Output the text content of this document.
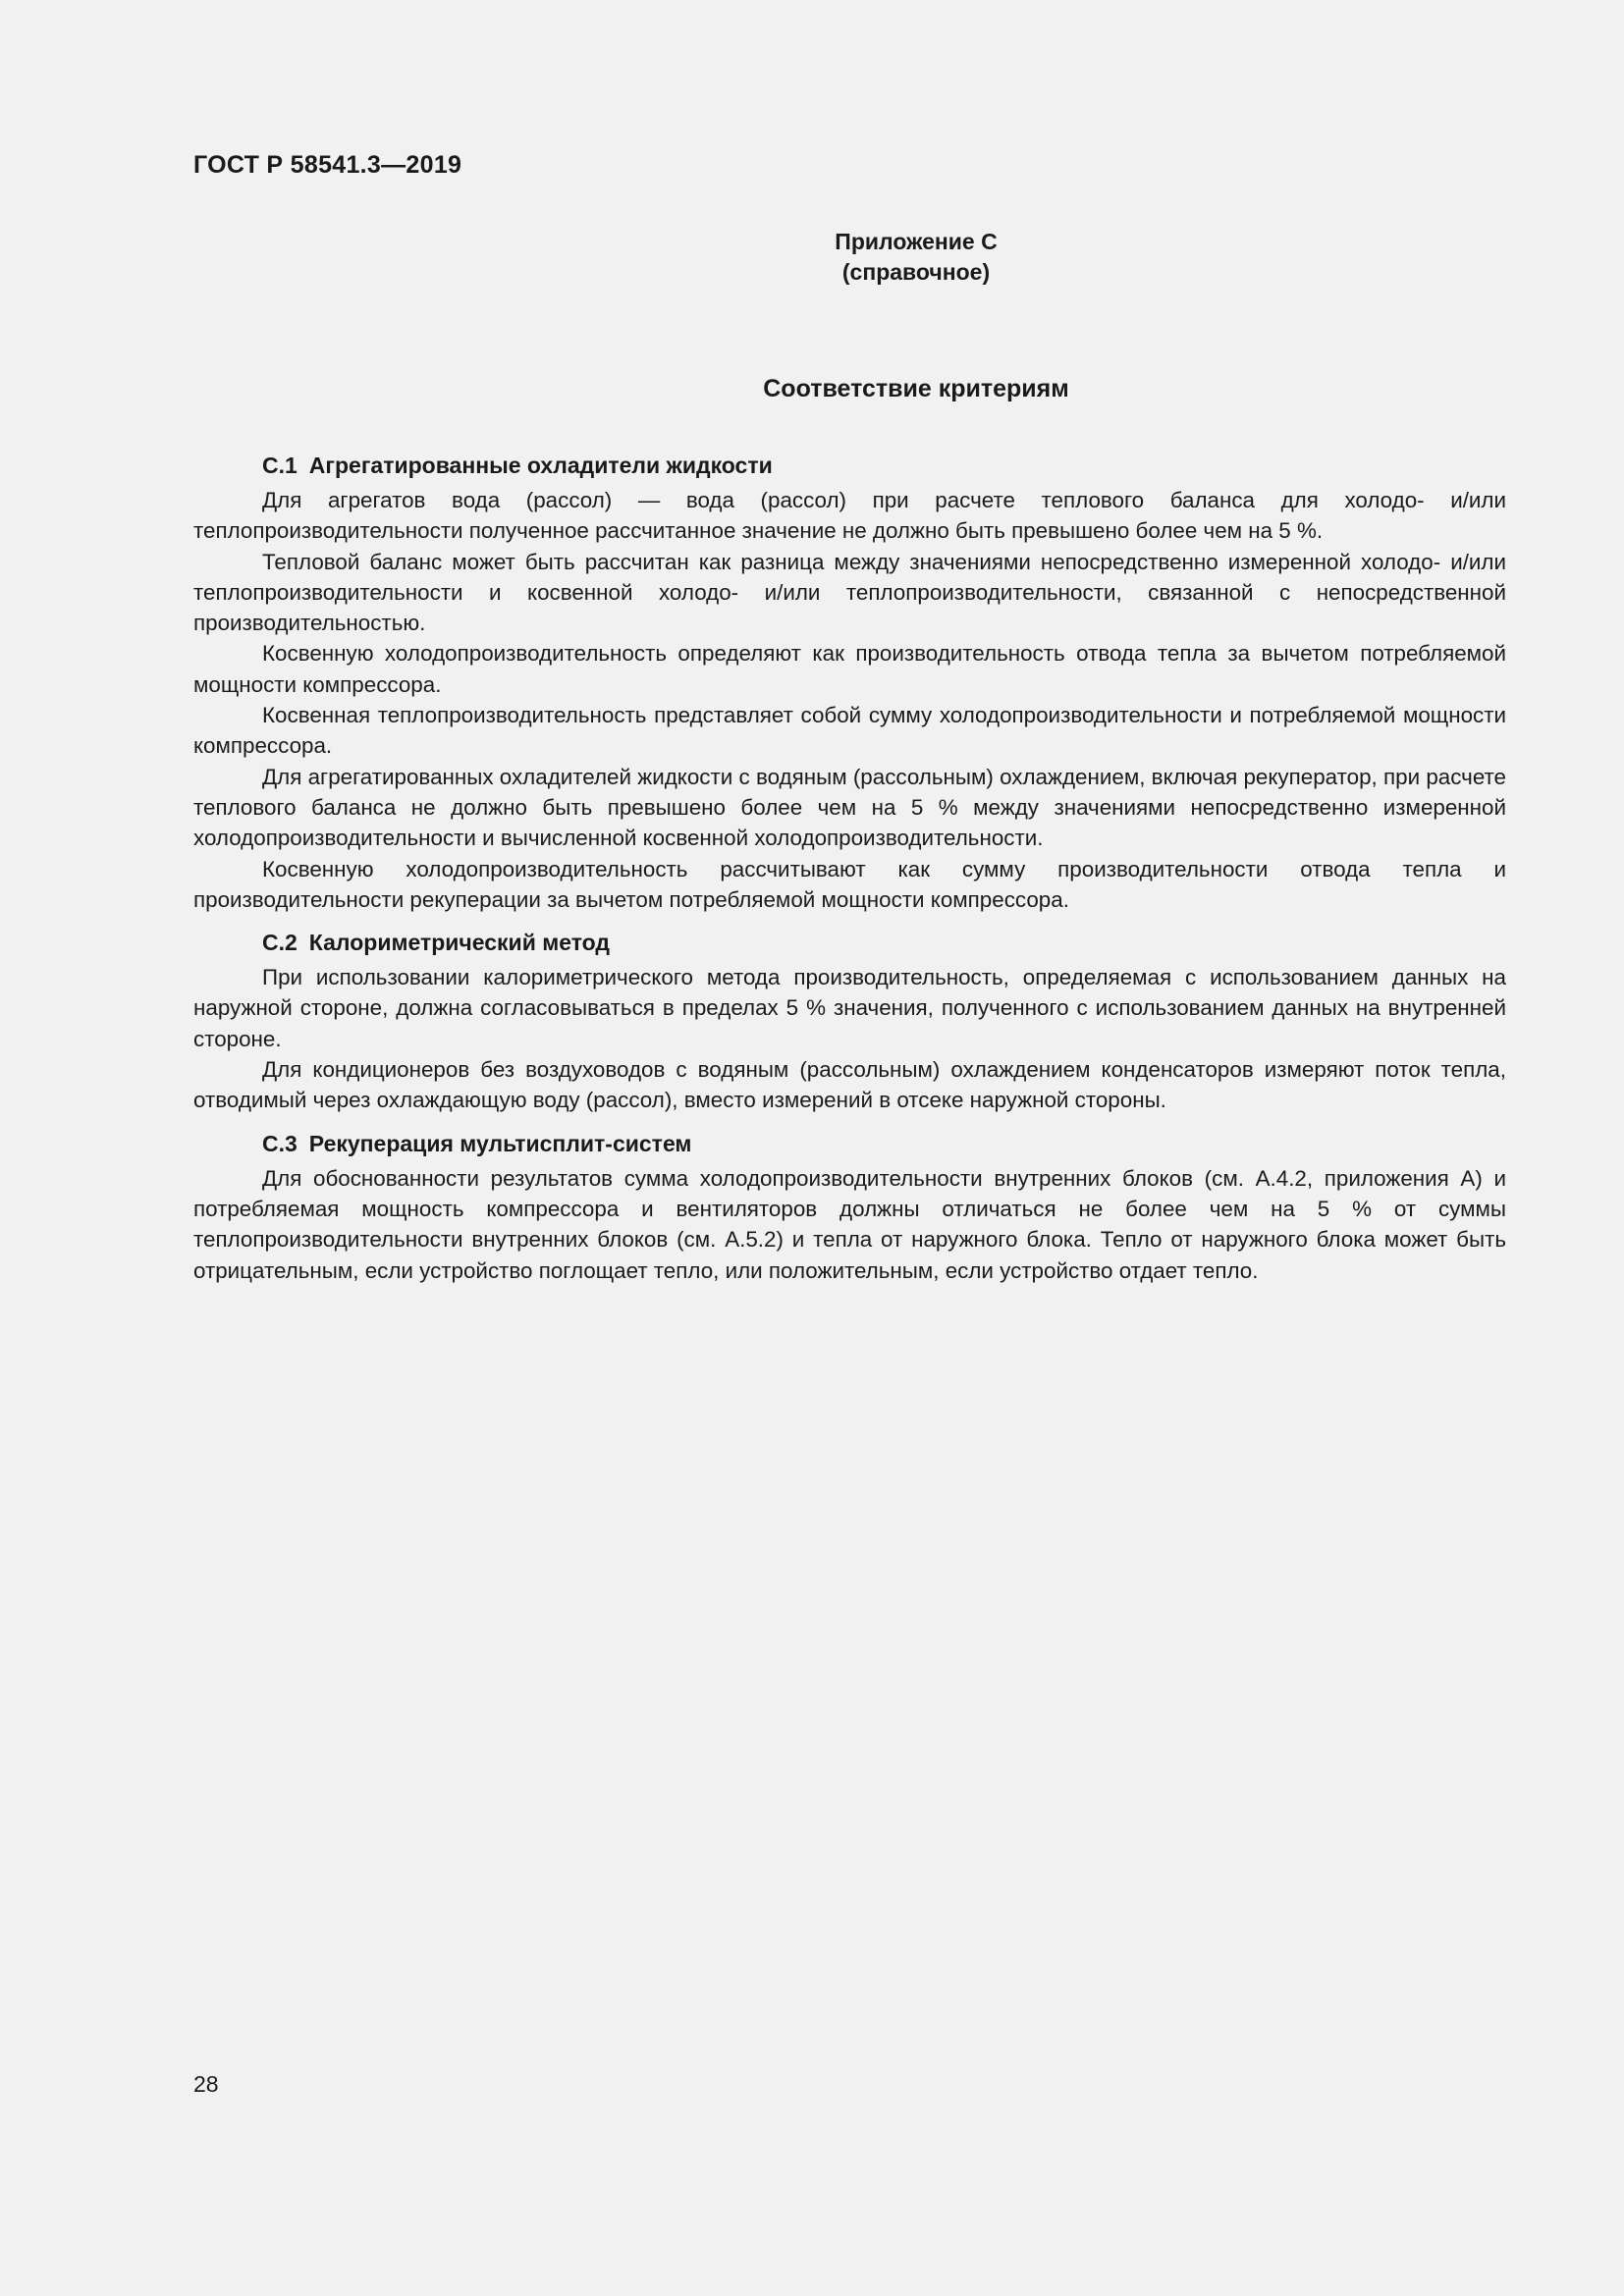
ГОСТ Р 58541.3—2019
Приложение С
(справочное)
Соответствие критериям
С.1 Агрегатированные охладители жидкости

Для агрегатов вода (рассол) — вода (рассол) при расчете теплового баланса для холодо- и/или теплопроизводительности полученное рассчитанное значение не должно быть превышено более чем на 5 %.

Тепловой баланс может быть рассчитан как разница между значениями непосредственно измеренной холодо- и/или теплопроизводительности и косвенной холодо- и/или теплопроизводительности, связанной с непосредственной производительностью.

Косвенную холодопроизводительность определяют как производительность отвода тепла за вычетом потребляемой мощности компрессора.

Косвенная теплопроизводительность представляет собой сумму холодопроизводительности и потребляемой мощности компрессора.

Для агрегатированных охладителей жидкости с водяным (рассольным) охлаждением, включая рекуператор, при расчете теплового баланса не должно быть превышено более чем на 5 % между значениями непосредственно измеренной холодопроизводительности и вычисленной косвенной холодопроизводительности.

Косвенную холодопроизводительность рассчитывают как сумму производительности отвода тепла и производительности рекуперации за вычетом потребляемой мощности компрессора.

С.2 Калориметрический метод

При использовании калориметрического метода производительность, определяемая с использованием данных на наружной стороне, должна согласовываться в пределах 5 % значения, полученного с использованием данных на внутренней стороне.

Для кондиционеров без воздуховодов с водяным (рассольным) охлаждением конденсаторов измеряют поток тепла, отводимый через охлаждающую воду (рассол), вместо измерений в отсеке наружной стороны.

С.3 Рекуперация мультисплит-систем

Для обоснованности результатов сумма холодопроизводительности внутренних блоков (см. А.4.2, приложения А) и потребляемая мощность компрессора и вентиляторов должны отличаться не более чем на 5 % от суммы теплопроизводительности внутренних блоков (см. А.5.2) и тепла от наружного блока. Тепло от наружного блока может быть отрицательным, если устройство поглощает тепло, или положительным, если устройство отдает тепло.

28
